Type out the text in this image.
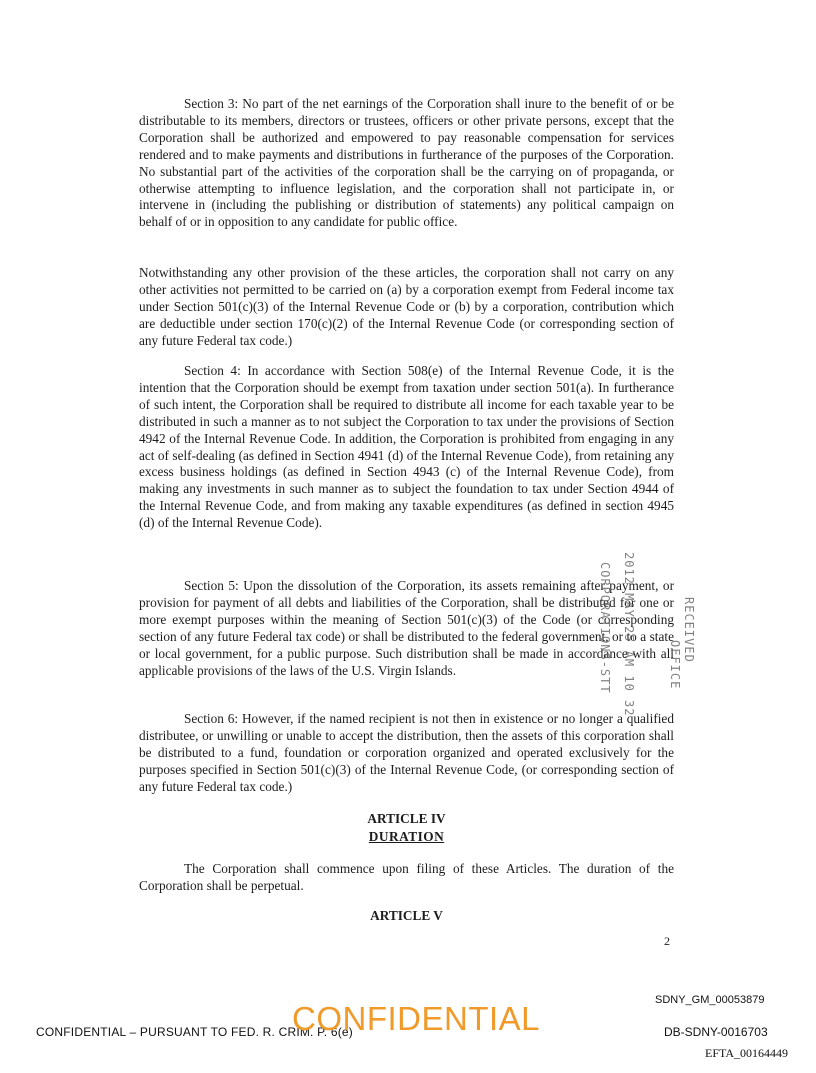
Section 3: No part of the net earnings of the Corporation shall inure to the benefit of or be distributable to its members, directors or trustees, officers or other private persons, except that the Corporation shall be authorized and empowered to pay reasonable compensation for services rendered and to make payments and distributions in furtherance of the purposes of the Corporation. No substantial part of the activities of the corporation shall be the carrying on of propaganda, or otherwise attempting to influence legislation, and the corporation shall not participate in, or intervene in (including the publishing or distribution of statements) any political campaign on behalf of or in opposition to any candidate for public office.

Notwithstanding any other provision of the these articles, the corporation shall not carry on any other activities not permitted to be carried on (a) by a corporation exempt from Federal income tax under Section 501(c)(3) of the Internal Revenue Code or (b) by a corporation, contribution which are deductible under section 170(c)(2) of the Internal Revenue Code (or corresponding section of any future Federal tax code.)

Section 4: In accordance with Section 508(e) of the Internal Revenue Code, it is the intention that the Corporation should be exempt from taxation under section 501(a). In furtherance of such intent, the Corporation shall be required to distribute all income for each taxable year to be distributed in such a manner as to not subject the Corporation to tax under the provisions of Section 4942 of the Internal Revenue Code. In addition, the Corporation is prohibited from engaging in any act of self-dealing (as defined in Section 4941 (d) of the Internal Revenue Code), from retaining any excess business holdings (as defined in Section 4943 (c) of the Internal Revenue Code), from making any investments in such manner as to subject the foundation to tax under Section 4944 of the Internal Revenue Code, and from making any taxable expenditures (as defined in section 4945 (d) of the Internal Revenue Code).

Section 5: Upon the dissolution of the Corporation, its assets remaining after payment, or provision for payment of all debts and liabilities of the Corporation, shall be distributed for one or more exempt purposes within the meaning of Section 501(c)(3) of the Code (or corresponding section of any future Federal tax code) or shall be distributed to the federal government, or to a state or local government, for a public purpose. Such distribution shall be made in accordance with all applicable provisions of the laws of the U.S. Virgin Islands.

Section 6: However, if the named recipient is not then in existence or no longer a qualified distributee, or unwilling or unable to accept the distribution, then the assets of this corporation shall be distributed to a fund, foundation or corporation organized and operated exclusively for the purposes specified in Section 501(c)(3) of the Internal Revenue Code, (or corresponding section of any future Federal tax code.)

ARTICLE IV
DURATION

The Corporation shall commence upon filing of these Articles. The duration of the Corporation shall be perpetual.

ARTICLE V
2
2012 MAY 25 AM 10 32
CORPORATIONS-STT	RECEIVED
OFFICE
SDNY_GM_00053879
CONFIDENTIAL – PURSUANT TO FED. R. CRIM. P. 6(e)
CONFIDENTIAL	DB-SDNY-0016703
EFTA_00164449
